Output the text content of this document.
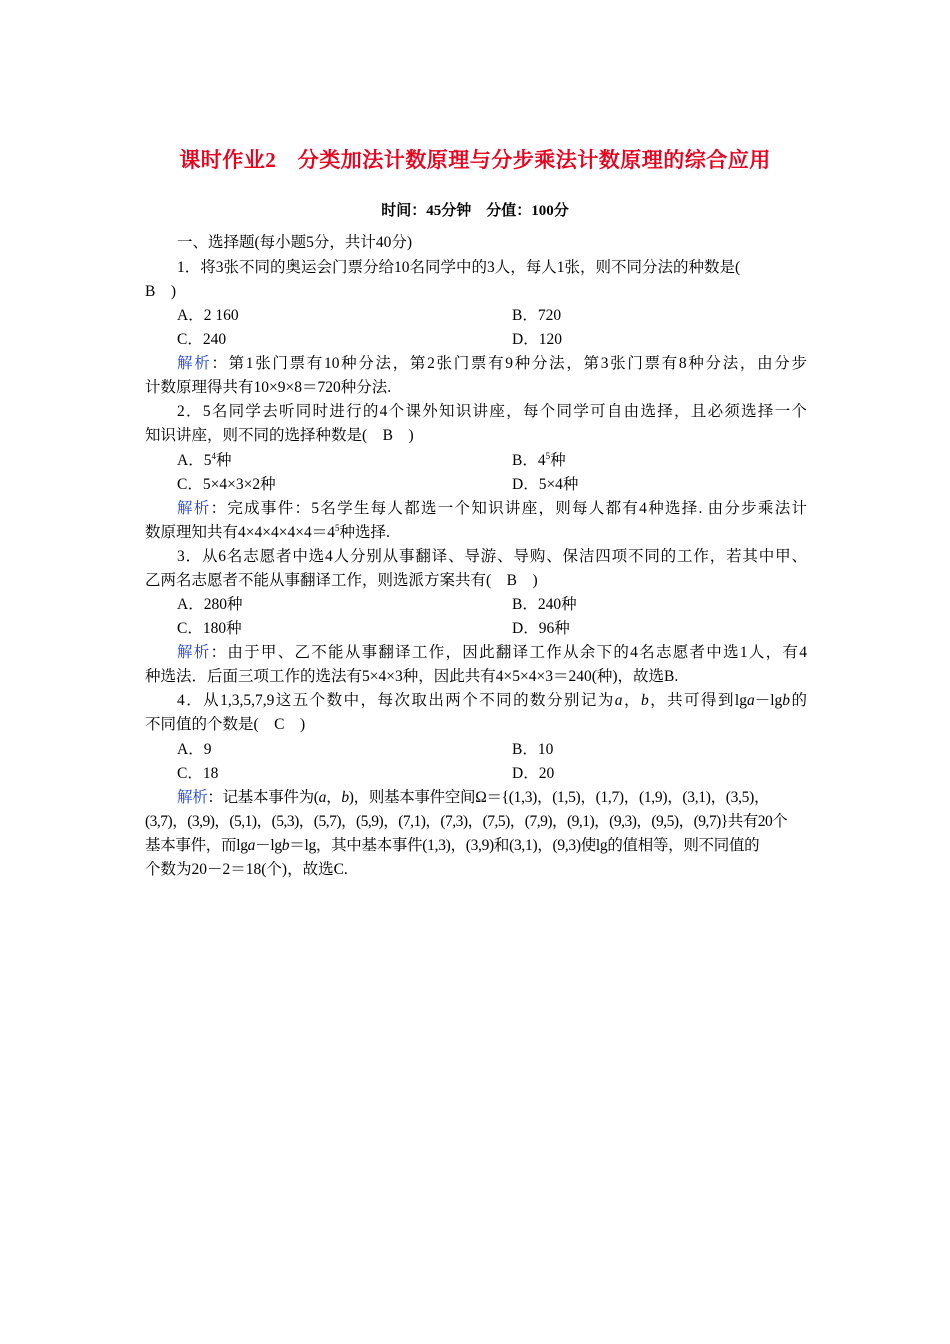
课时作业2　分类加法计数原理与分步乘法计数原理的综合应用
时间：45分钟　分值：100分
一、选择题(每小题5分，共计40分)
1．将3张不同的奥运会门票分给10名同学中的3人，每人1张，则不同分法的种数是(
B　)
A．2 160	B．720
C．240	D．120
解析：第1张门票有10种分法，第2张门票有9种分法，第3张门票有8种分法，由分步
计数原理得共有10×9×8＝720种分法.
2．5名同学去听同时进行的4个课外知识讲座，每个同学可自由选择，且必须选择一个
知识讲座，则不同的选择种数是(　B　)
A．$5^4$种	B．$4^5$种
C．5×4×3×2种	D．5×4种
解析：完成事件：5名学生每人都选一个知识讲座，则每人都有4种选择. 由分步乘法计
数原理知共有$4\times 4\times 4\times 4\times 4=4^5$种选择.
3．从6名志愿者中选4人分别从事翻译、导游、导购、保洁四项不同的工作，若其中甲、
乙两名志愿者不能从事翻译工作，则选派方案共有(　B　)
A．280种	B．240种
C．180种	D．96种
解析：由于甲、乙不能从事翻译工作，因此翻译工作从余下的4名志愿者中选1人，有4
种选法．后面三项工作的选法有5×4×3种，因此共有4×5×4×3＝240(种)，故选B.
4．从1,3,5,7,9这五个数中，每次取出两个不同的数分别记为a，b，共可得到lga－lgb的
不同值的个数是(　C　)
A．9	B．10
C．18	D．20
解析：记基本事件为(a，b)，则基本事件空间Ω＝{(1,3)，(1,5)，(1,7)，(1,9)，(3,1)，(3,5)，
(3,7)，(3,9)，(5,1)，(5,3)，(5,7)，(5,9)，(7,1)，(7,3)，(7,5)，(7,9)，(9,1)，(9,3)，(9,5)，(9,7)}共有20个
基本事件，而lga－lgb＝lg，其中基本事件(1,3)，(3,9)和(3,1)，(9,3)使lg的值相等，则不同值的
个数为20－2＝18(个)，故选C.
